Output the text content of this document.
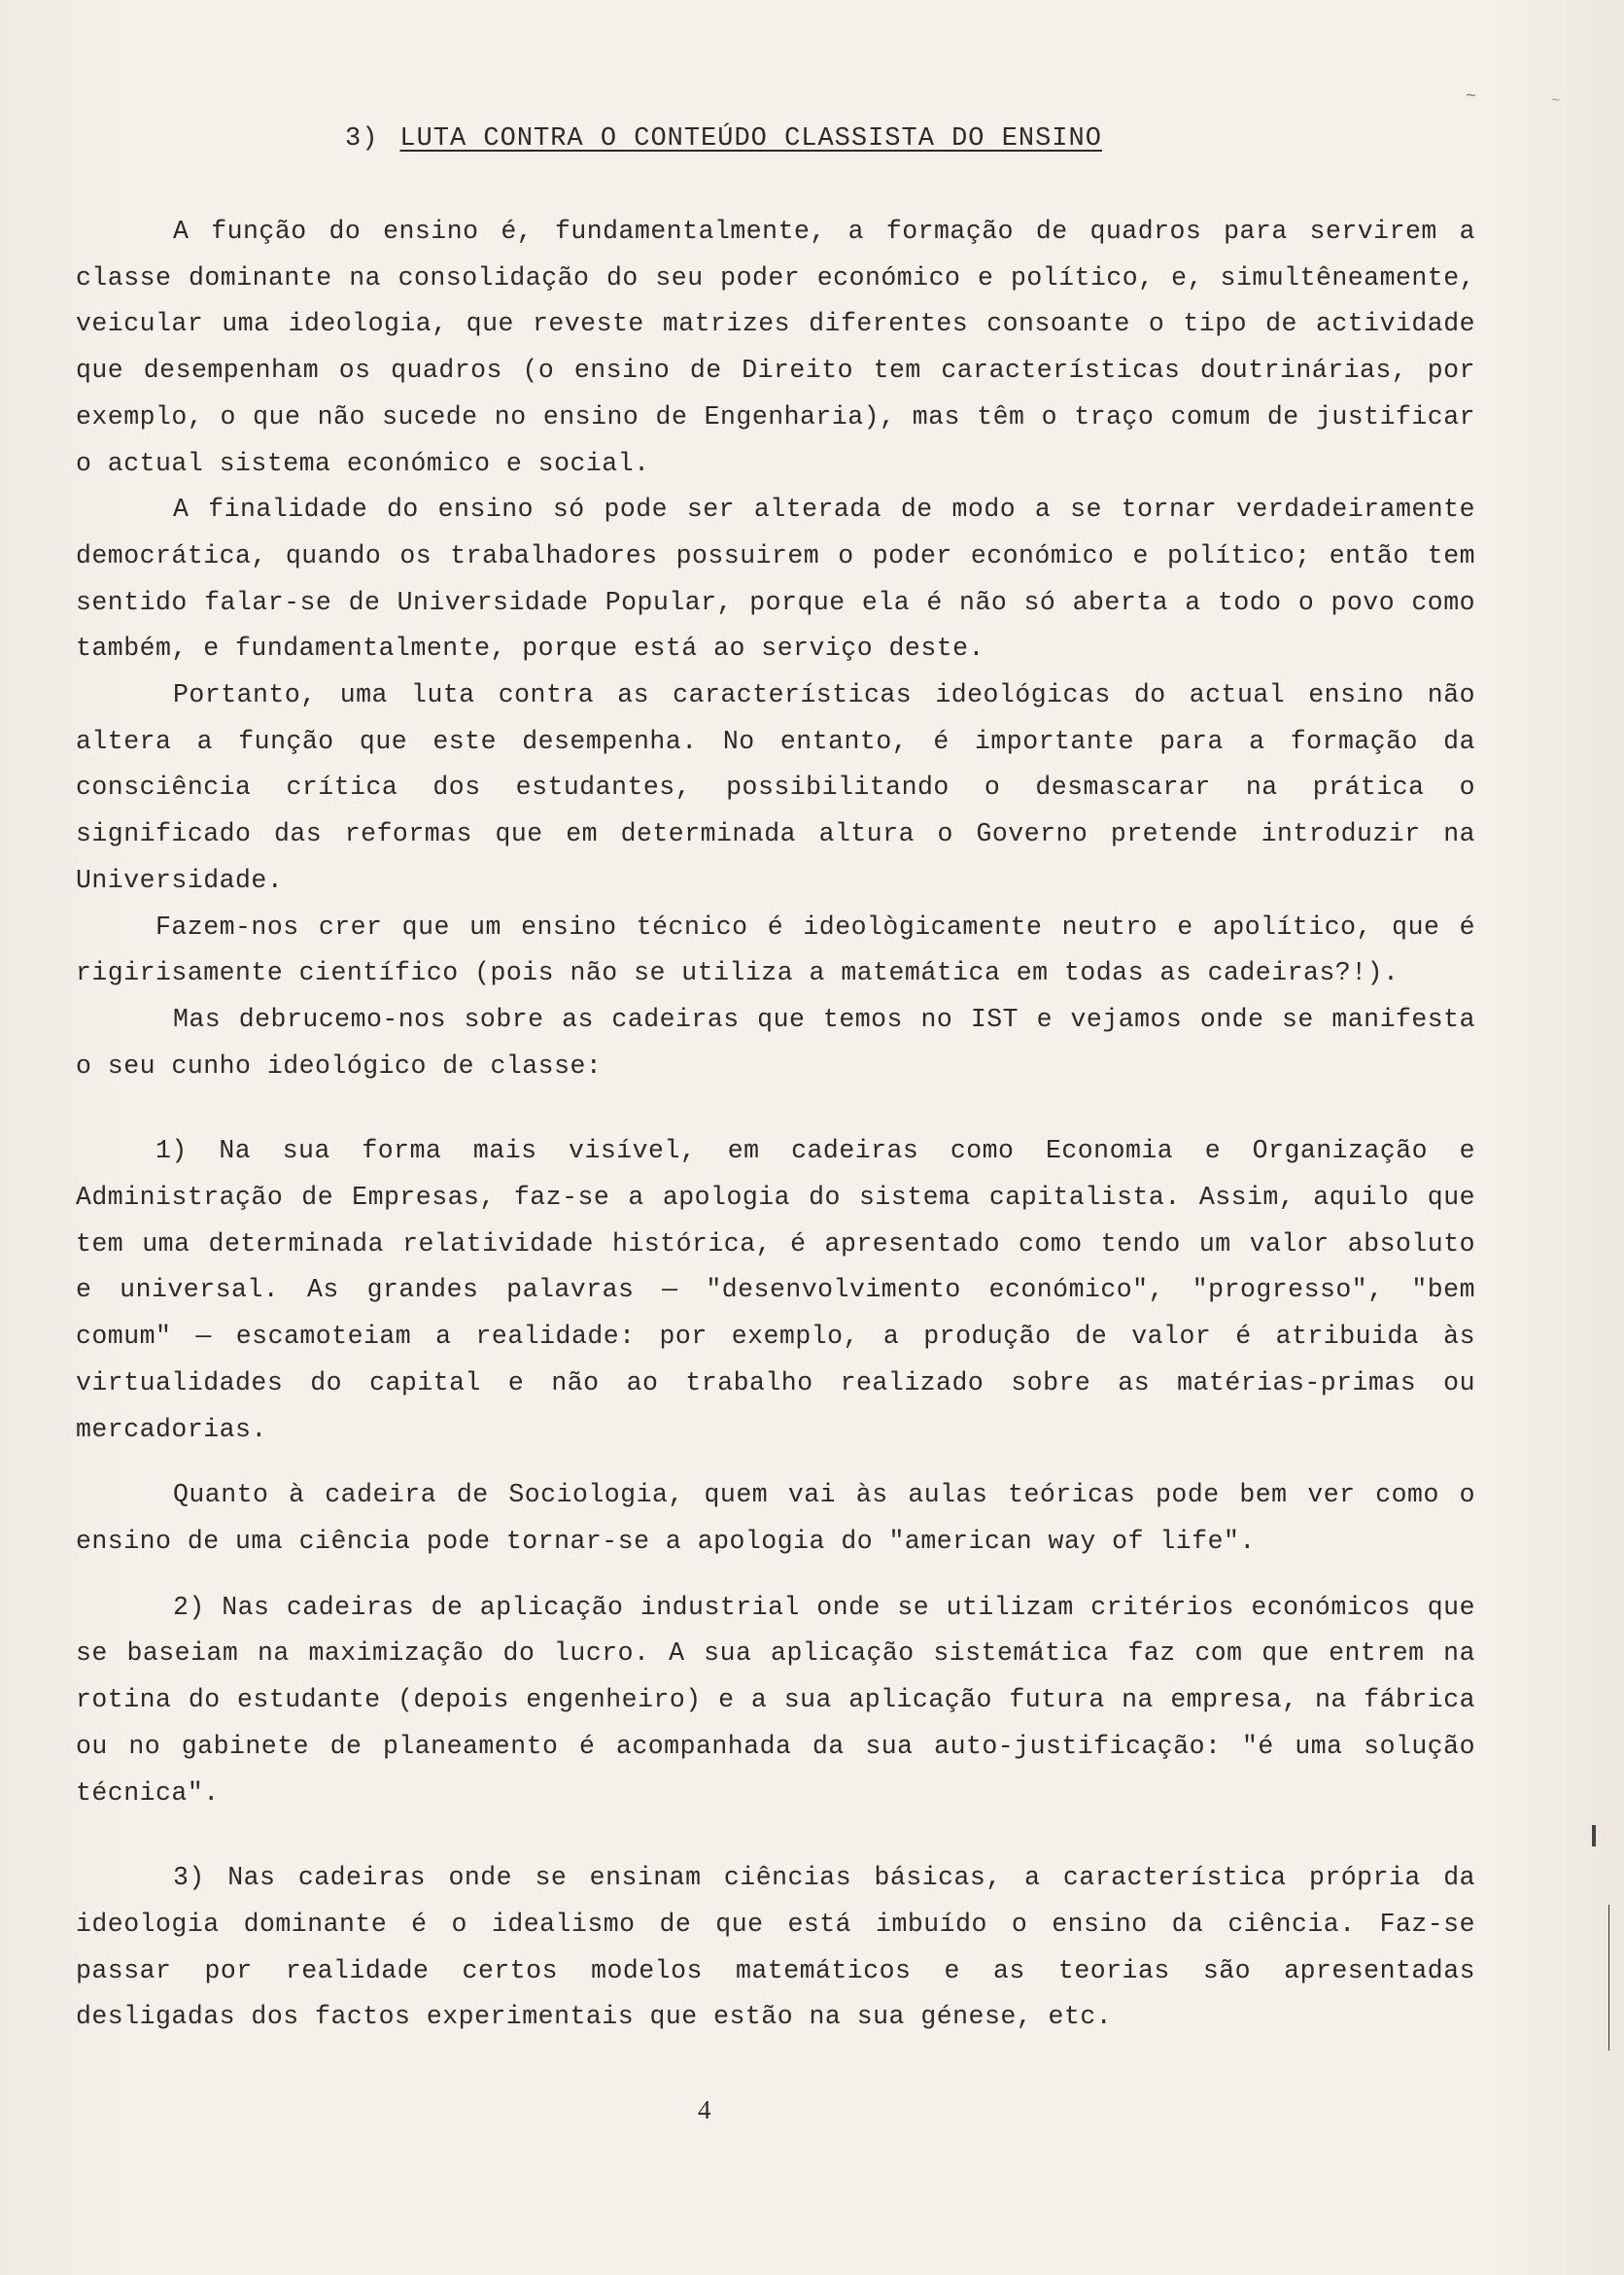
~	~
3) LUTA CONTRA O CONTEÚDO CLASSISTA DO ENSINO

A função do ensino é, fundamentalmente, a formação de quadros para servirem a classe dominante na consolidação do seu poder económico e político, e, simultêneamente, veicular uma ideologia, que reveste matrizes diferentes consoante o tipo de actividade que desempenham os quadros (o ensino de Direito tem características doutrinárias, por exemplo, o que não sucede no ensino de Engenharia), mas têm o traço comum de justificar o actual sistema económico e social.

A finalidade do ensino só pode ser alterada de modo a se tornar verdadeiramente democrática, quando os trabalhadores possuirem o poder económico e político; então tem sentido falar-se de Universidade Popular, porque ela é não só aberta a todo o povo como também, e fundamentalmente, porque está ao serviço deste.

Portanto, uma luta contra as características ideológicas do actual ensino não altera a função que este desempenha. No entanto, é importante para a formação da consciência crítica dos estudantes, possibilitando o desmascarar na prática o significado das reformas que em determinada altura o Governo pretende introduzir na Universidade.

Fazem-nos crer que um ensino técnico é ideològicamente neutro e apolítico, que é rigirisamente científico (pois não se utiliza a matemática em todas as cadeiras?!).

Mas debrucemo-nos sobre as cadeiras que temos no IST e vejamos onde se manifesta o seu cunho ideológico de classe:

1) Na sua forma mais visível, em cadeiras como Economia e Organização e Administração de Empresas, faz-se a apologia do sistema capitalista. Assim, aquilo que tem uma determinada relatividade histórica, é apresentado como tendo um valor absoluto e universal. As grandes palavras — "desenvolvimento económico", "progresso", "bem comum" — escamoteiam a realidade: por exemplo, a produção de valor é atribuida às virtualidades do capital e não ao trabalho realizado sobre as matérias-primas ou mercadorias.

Quanto à cadeira de Sociologia, quem vai às aulas teóricas pode bem ver como o ensino de uma ciência pode tornar-se a apologia do "american way of life".

2) Nas cadeiras de aplicação industrial onde se utilizam critérios económicos que se baseiam na maximização do lucro. A sua aplicação sistemática faz com que entrem na rotina do estudante (depois engenheiro) e a sua aplicação futura na empresa, na fábrica ou no gabinete de planeamento é acompanhada da sua auto-justificação: "é uma solução técnica".

3) Nas cadeiras onde se ensinam ciências básicas, a característica própria da ideologia dominante é o idealismo de que está imbuído o ensino da ciência. Faz-se passar por realidade certos modelos matemáticos e as teorias são apresentadas desligadas dos factos experimentais que estão na sua génese, etc.

4
